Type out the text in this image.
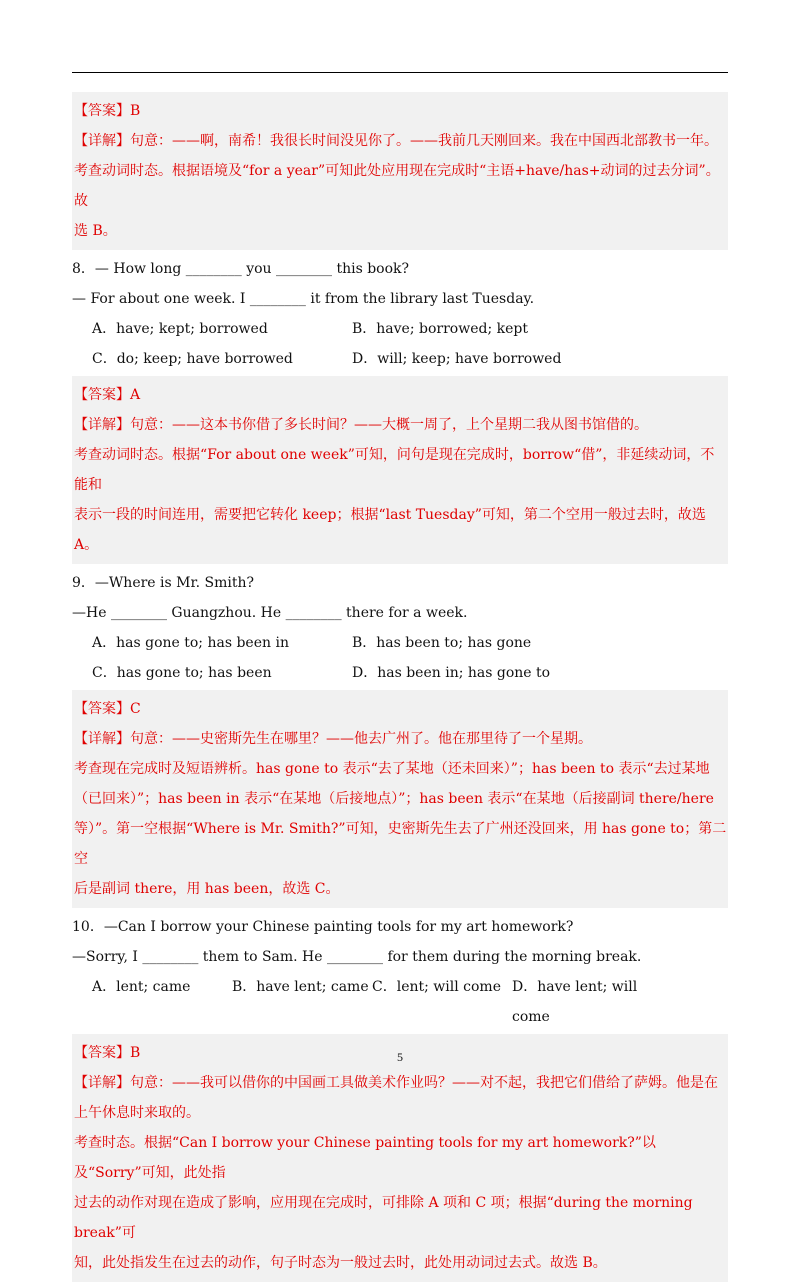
【答案】B
【详解】句意：——啊，南希！我很长时间没见你了。——我前几天刚回来。我在中国西北部教书一年。
考查动词时态。根据语境及“for a year”可知此处应用现在完成时“主语+have/has+动词的过去分词”。故
选 B。
8．— How long ________ you ________ this book?
— For about one week. I ________ it from the library last Tuesday.
A．have; kept; borrowed	B．have; borrowed; kept
C．do; keep; have borrowed	D．will; keep; have borrowed
【答案】A
【详解】句意：——这本书你借了多长时间？——大概一周了，上个星期二我从图书馆借的。
考查动词时态。根据“For about one week”可知，问句是现在完成时，borrow“借”，非延续动词，不能和
表示一段的时间连用，需要把它转化 keep；根据“last Tuesday”可知，第二个空用一般过去时，故选 A。
9．—Where is Mr. Smith?
—He ________ Guangzhou. He ________ there for a week.
A．has gone to; has been in	B．has been to; has gone
C．has gone to; has been	D．has been in; has gone to
【答案】C
【详解】句意：——史密斯先生在哪里？——他去广州了。他在那里待了一个星期。
考查现在完成时及短语辨析。has gone to 表示“去了某地（还未回来）”；has been to 表示“去过某地
（已回来）”；has been in 表示“在某地（后接地点）”；has been 表示“在某地（后接副词 there/here
等）”。第一空根据“Where is Mr. Smith?”可知，史密斯先生去了广州还没回来，用 has gone to；第二空
后是副词 there，用 has been，故选 C。
10．—Can I borrow your Chinese painting tools for my art homework?
—Sorry, I ________ them to Sam. He ________ for them during the morning break.
A．lent; came	B．have lent; came C．lent; will come D．have lent; will come
【答案】B
【详解】句意：——我可以借你的中国画工具做美术作业吗？——对不起，我把它们借给了萨姆。他是在
上午休息时来取的。
考查时态。根据“Can I borrow your Chinese painting tools for my art homework?”以及“Sorry”可知，此处指
过去的动作对现在造成了影响，应用现在完成时，可排除 A 项和 C 项；根据“during the morning break”可
知，此处指发生在过去的动作，句子时态为一般过去时，此处用动词过去式。故选 B。
5
